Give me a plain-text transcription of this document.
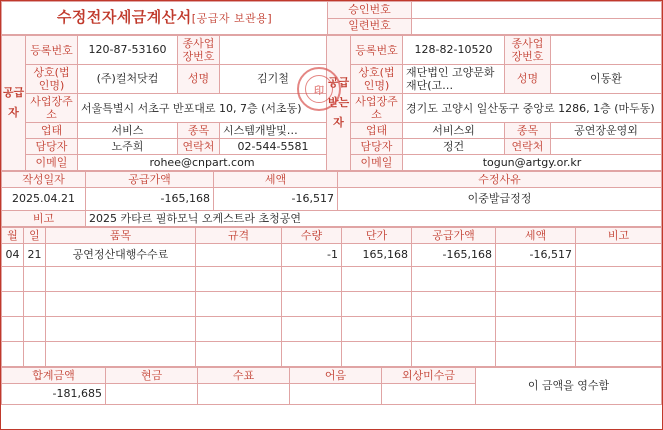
수정전자세금계산서[공급자 보관용]	승인번호	
	일련번호	
공급자	등록번호	120-87-53160	종사업장번호		공급받는자	등록번호	128-82-10520	종사업장번호	
	상호(법인명)	(주)컬처닷컴	성명	김기철		상호(법인명)	재단법인 고양문화재단(고…	성명	이동환
	사업장주소	서울특별시 서초구 반포대로 10, 7층 (서초동)				사업장주소	경기도 고양시 일산동구 중앙로 1286, 1층 (마두동)		
	업태	서비스	종목	시스템개발및…		업태	서비스외	종목	공연장운영외
	담당자	노주희	연락처	02-544-5581		담당자	정건	연락처	
	이메일	rohee@cnpart.com				이메일	togun@artgy.or.kr		
작성일자	공급가액	세액	수정사유
2025.04.21	-165,168	-16,517	이중발급정정
비고	2025 카타르 필하모닉 오케스트라 초청공연		
월	일	품목	규격	수량	단가	공급가액	세액	비고
04	21	공연정산대행수수료		-1	165,168	-165,168	-16,517	

합계금액	현금	수표	어음	외상미수금	이 금액을 영수함
-181,685					
印
